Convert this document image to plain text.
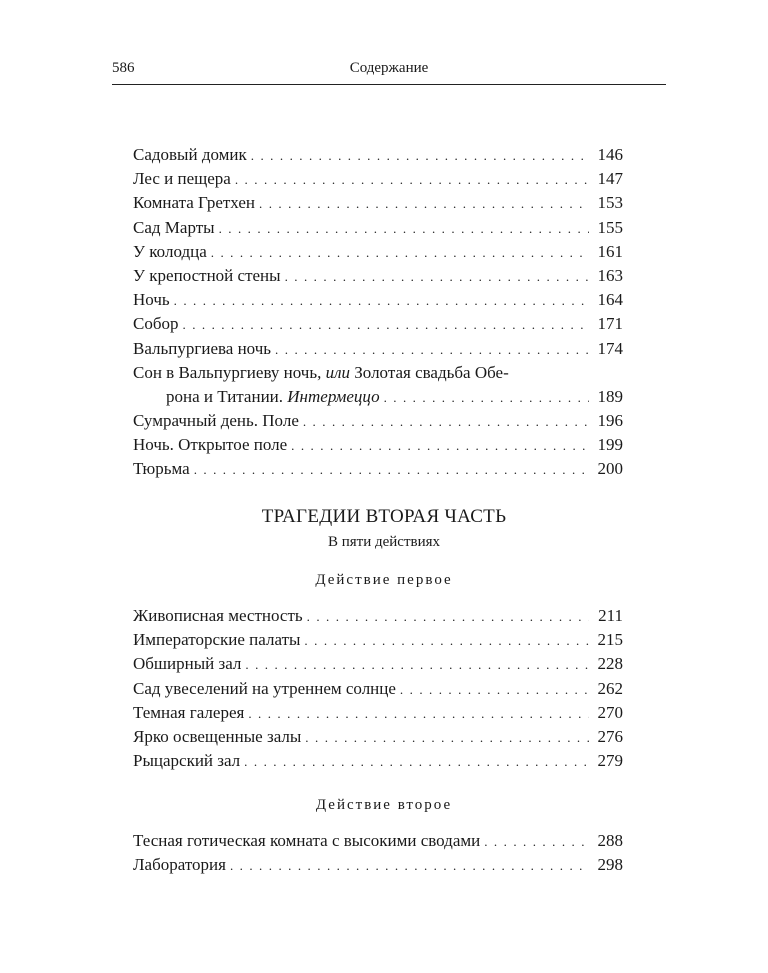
586	Содержание
Садовый домик . . .	146
Лес и пещера . . .	147
Комната Гретхен . . .	153
Сад Марты . . .	155
У колодца . . .	161
У крепостной стены . . .	163
Ночь . . .	164
Собор . . .	171
Вальпургиева ночь . . .	174
Сон в Вальпургиеву ночь, или Золотая свадьба Обе-
рона и Титании. Интермеццо . . .	189
Сумрачный день. Поле . . .	196
Ночь. Открытое поле . . .	199
Тюрьма . . .	200
ТРАГЕДИИ ВТОРАЯ ЧАСТЬ
В пяти действиях
Действие первое
Живописная местность . . .	211
Императорские палаты . . .	215
Обширный зал . . .	228
Сад увеселений на утреннем солнце . . .	262
Темная галерея . . .	270
Ярко освещенные залы . . .	276
Рыцарский зал . . .	279
Действие второе
Тесная готическая комната с высокими сводами . . .	288
Лаборатория . . .	298
